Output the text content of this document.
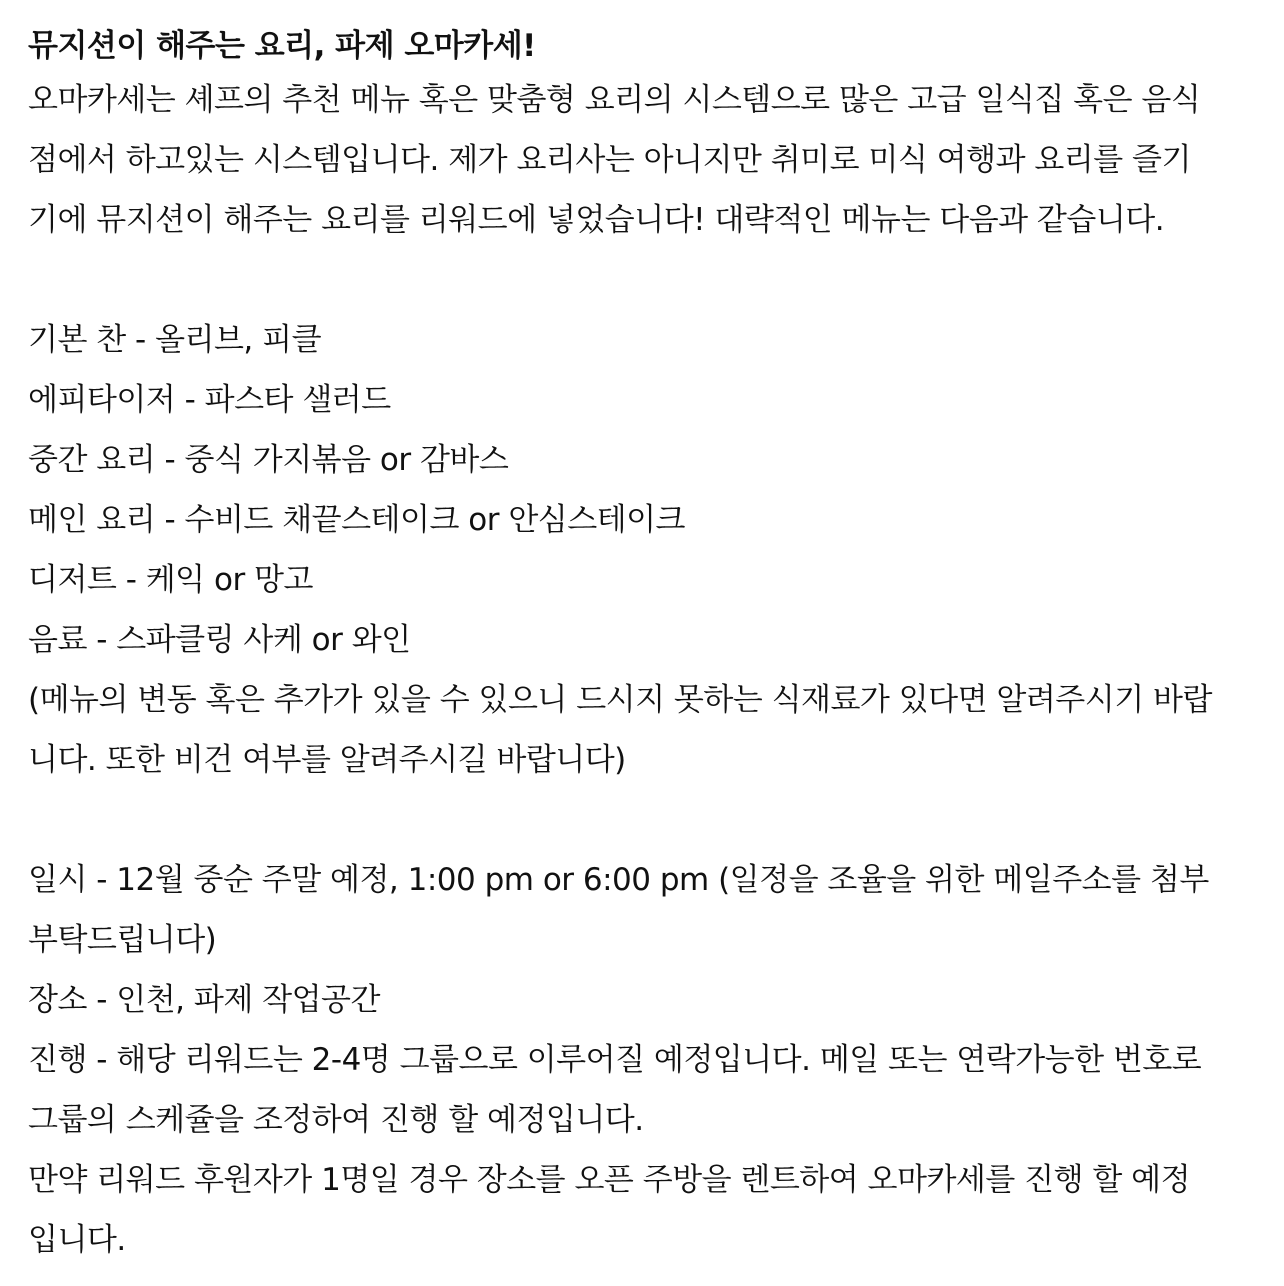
뮤지션이 해주는 요리, 파제 오마카세!
오마카세는 셰프의 추천 메뉴 혹은 맞춤형 요리의 시스템으로 많은 고급 일식집 혹은 음식
점에서 하고있는 시스템입니다. 제가 요리사는 아니지만 취미로 미식 여행과 요리를 즐기
기에 뮤지션이 해주는 요리를 리워드에 넣었습니다! 대략적인 메뉴는 다음과 같습니다.
기본 찬 - 올리브, 피클
에피타이저 - 파스타 샐러드
중간 요리 - 중식 가지볶음 or 감바스
메인 요리 - 수비드 채끝스테이크 or 안심스테이크
디저트 - 케익 or 망고
음료 - 스파클링 사케 or 와인
(메뉴의 변동 혹은 추가가 있을 수 있으니 드시지 못하는 식재료가 있다면 알려주시기 바랍
니다. 또한 비건 여부를 알려주시길 바랍니다)
일시 - 12월 중순 주말 예정, 1:00 pm or 6:00 pm (일정을 조율을 위한 메일주소를 첨부
부탁드립니다)
장소 - 인천, 파제 작업공간
진행 - 해당 리워드는 2-4명 그룹으로 이루어질 예정입니다. 메일 또는 연락가능한 번호로
그룹의 스케쥴을 조정하여 진행 할 예정입니다.
만약 리워드 후원자가 1명일 경우 장소를 오픈 주방을 렌트하여 오마카세를 진행 할 예정
입니다.
